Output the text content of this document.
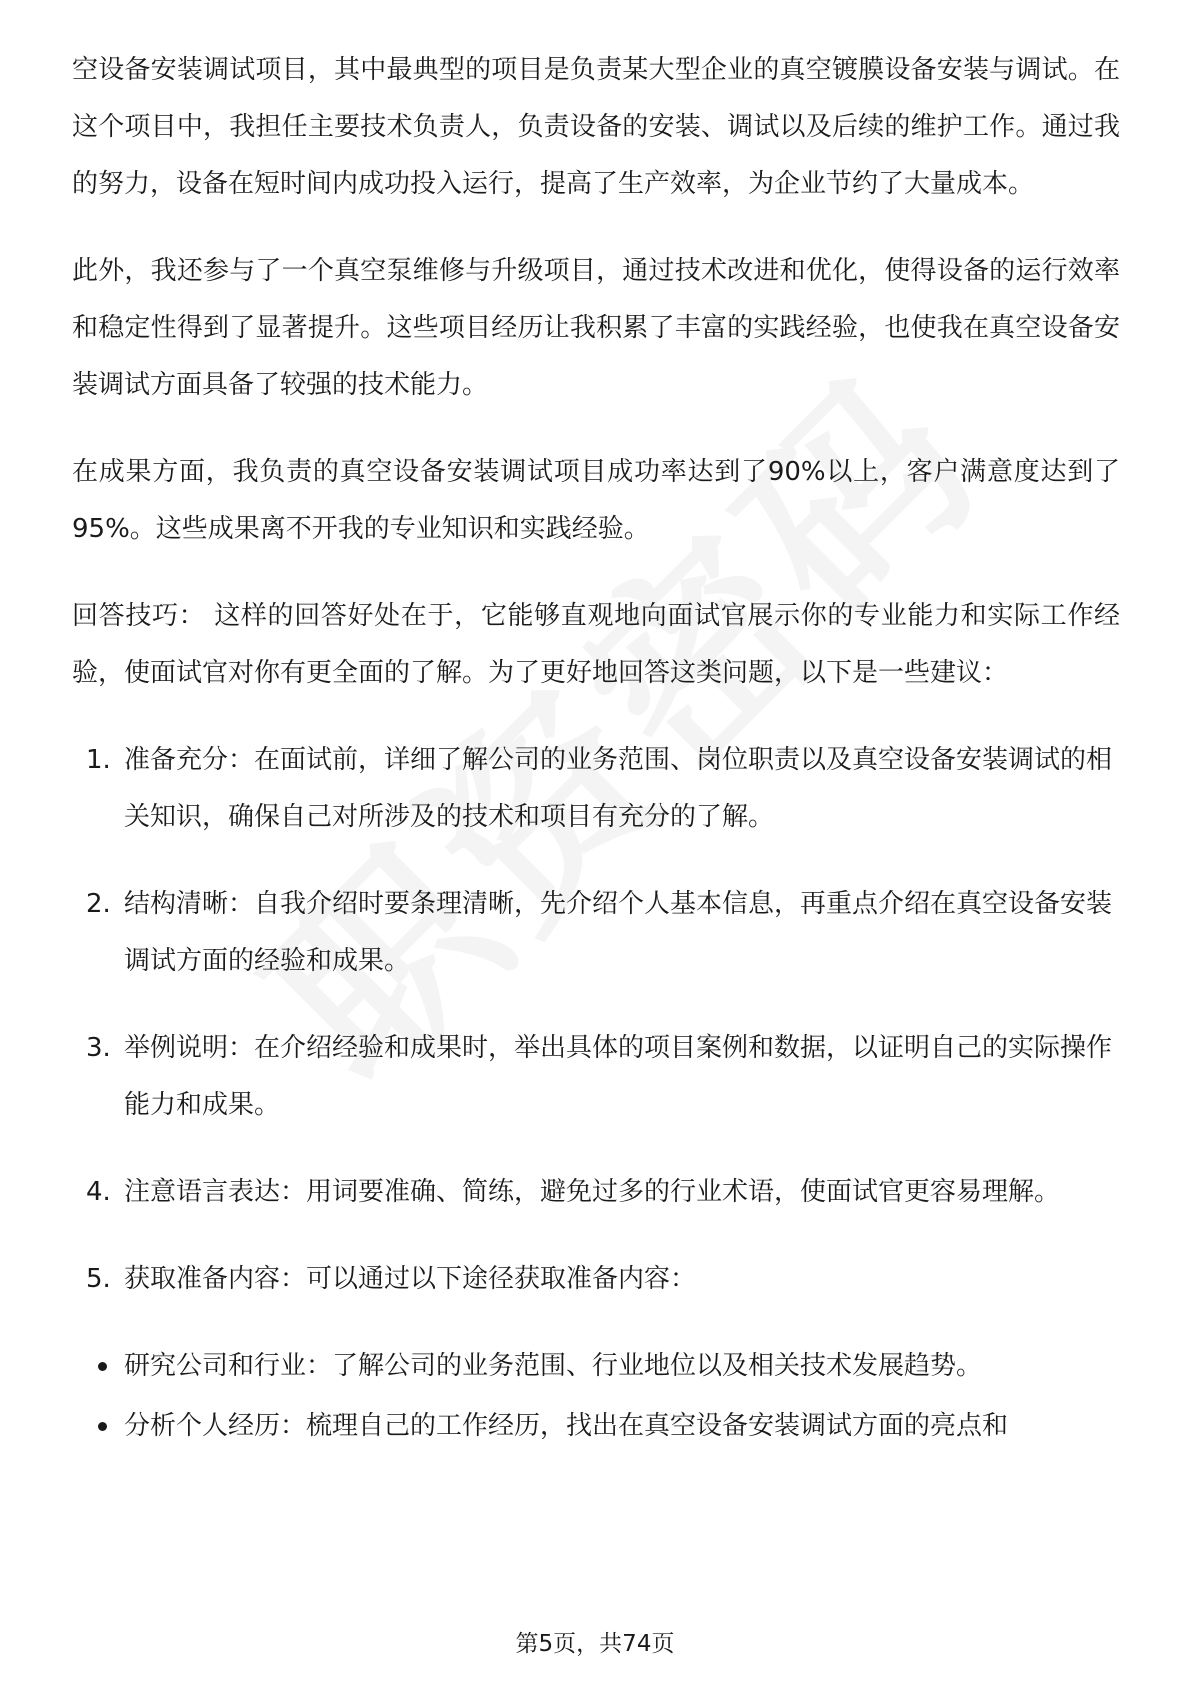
空设备安装调试项目，其中最典型的项目是负责某大型企业的真空镀膜设备安装与调试。在这个项目中，我担任主要技术负责人，负责设备的安装、调试以及后续的维护工作。通过我的努力，设备在短时间内成功投入运行，提高了生产效率，为企业节约了大量成本。

此外，我还参与了一个真空泵维修与升级项目，通过技术改进和优化，使得设备的运行效率和稳定性得到了显著提升。这些项目经历让我积累了丰富的实践经验，也使我在真空设备安装调试方面具备了较强的技术能力。

在成果方面，我负责的真空设备安装调试项目成功率达到了90%以上，客户满意度达到了95%。这些成果离不开我的专业知识和实践经验。

回答技巧： 这样的回答好处在于，它能够直观地向面试官展示你的专业能力和实际工作经验，使面试官对你有更全面的了解。为了更好地回答这类问题，以下是一些建议：

1. 准备充分：在面试前，详细了解公司的业务范围、岗位职责以及真空设备安装调试的相关知识，确保自己对所涉及的技术和项目有充分的了解。
2. 结构清晰：自我介绍时要条理清晰，先介绍个人基本信息，再重点介绍在真空设备安装调试方面的经验和成果。
3. 举例说明：在介绍经验和成果时，举出具体的项目案例和数据，以证明自己的实际操作能力和成果。
4. 注意语言表达：用词要准确、简练，避免过多的行业术语，使面试官更容易理解。
5. 获取准备内容：可以通过以下途径获取准备内容：
研究公司和行业：了解公司的业务范围、行业地位以及相关技术发展趋势。
分析个人经历：梳理自己的工作经历，找出在真空设备安装调试方面的亮点和
第5页，共74页
